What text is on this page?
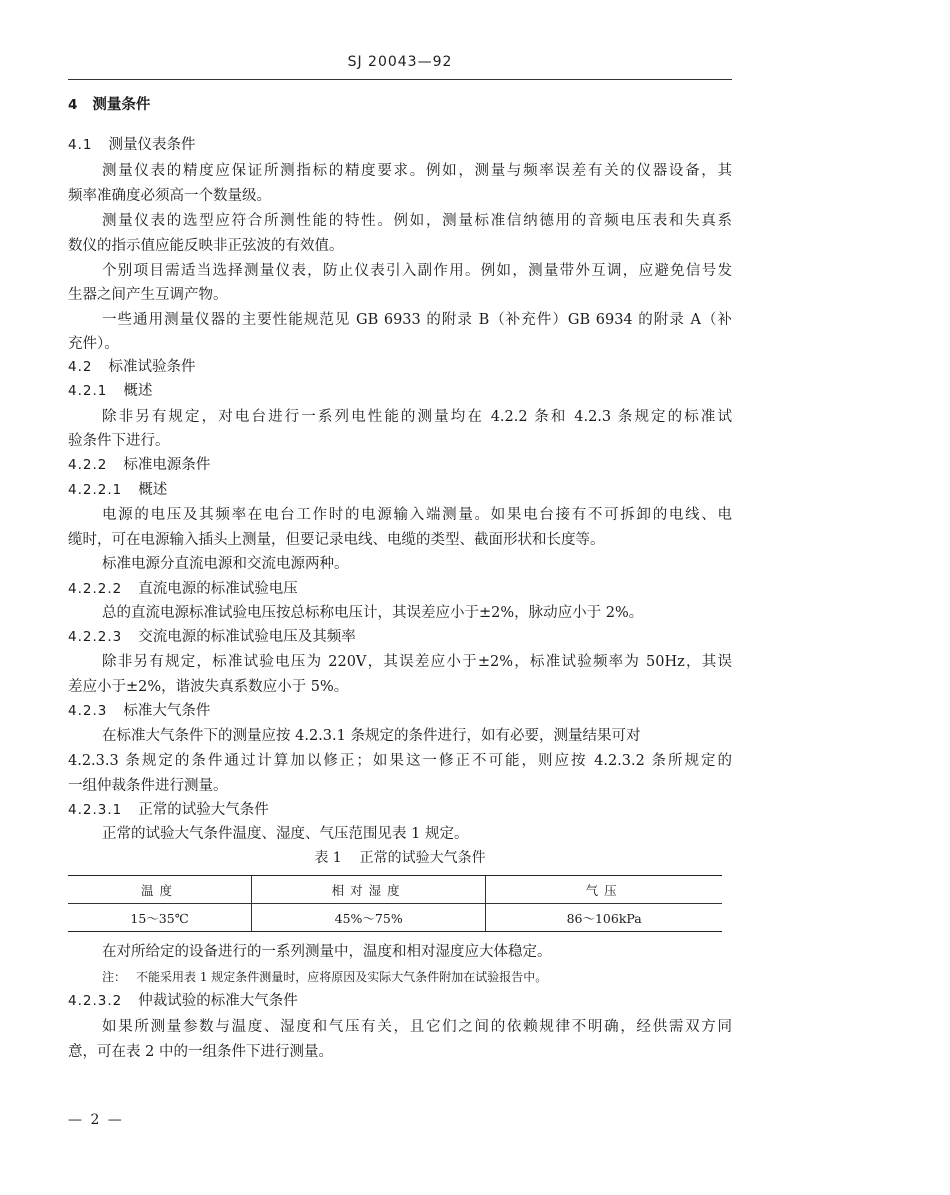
SJ 20043—92
4 测量条件
4.1 测量仪表条件
测量仪表的精度应保证所测指标的精度要求。例如，测量与频率误差有关的仪器设备，其
频率准确度必须高一个数量级。
测量仪表的选型应符合所测性能的特性。例如，测量标准信纳德用的音频电压表和失真系
数仪的指示值应能反映非正弦波的有效值。
个别项目需适当选择测量仪表，防止仪表引入副作用。例如，测量带外互调，应避免信号发
生器之间产生互调产物。
一些通用测量仪器的主要性能规范见 GB 6933 的附录 B（补充件）GB 6934 的附录 A（补
充件）。
4.2 标准试验条件
4.2.1 概述
除非另有规定，对电台进行一系列电性能的测量均在 4.2.2 条和 4.2.3 条规定的标准试
验条件下进行。
4.2.2 标准电源条件
4.2.2.1 概述
电源的电压及其频率在电台工作时的电源输入端测量。如果电台接有不可拆卸的电线、电
缆时，可在电源输入插头上测量，但要记录电线、电缆的类型、截面形状和长度等。
标准电源分直流电源和交流电源两种。
4.2.2.2 直流电源的标准试验电压
总的直流电源标准试验电压按总标称电压计，其误差应小于±2%，脉动应小于 2%。
4.2.2.3 交流电源的标准试验电压及其频率
除非另有规定，标准试验电压为 220V，其误差应小于±2%，标准试验频率为 50Hz，其误
差应小于±2%，谐波失真系数应小于 5%。
4.2.3 标准大气条件
在标准大气条件下的测量应按 4.2.3.1 条规定的条件进行，如有必要，测量结果可对
4.2.3.3 条规定的条件通过计算加以修正；如果这一修正不可能，则应按 4.2.3.2 条所规定的
一组仲裁条件进行测量。
4.2.3.1 正常的试验大气条件
正常的试验大气条件温度、湿度、气压范围见表 1 规定。
表 1 正常的试验大气条件
温度	相对湿度	气压
15～35℃	45%～75%	86～106kPa
在对所给定的设备进行的一系列测量中，温度和相对湿度应大体稳定。
注： 不能采用表 1 规定条件测量时，应将原因及实际大气条件附加在试验报告中。
4.2.3.2 仲裁试验的标准大气条件
如果所测量参数与温度、湿度和气压有关，且它们之间的依赖规律不明确，经供需双方同
意，可在表 2 中的一组条件下进行测量。
— 2 —
